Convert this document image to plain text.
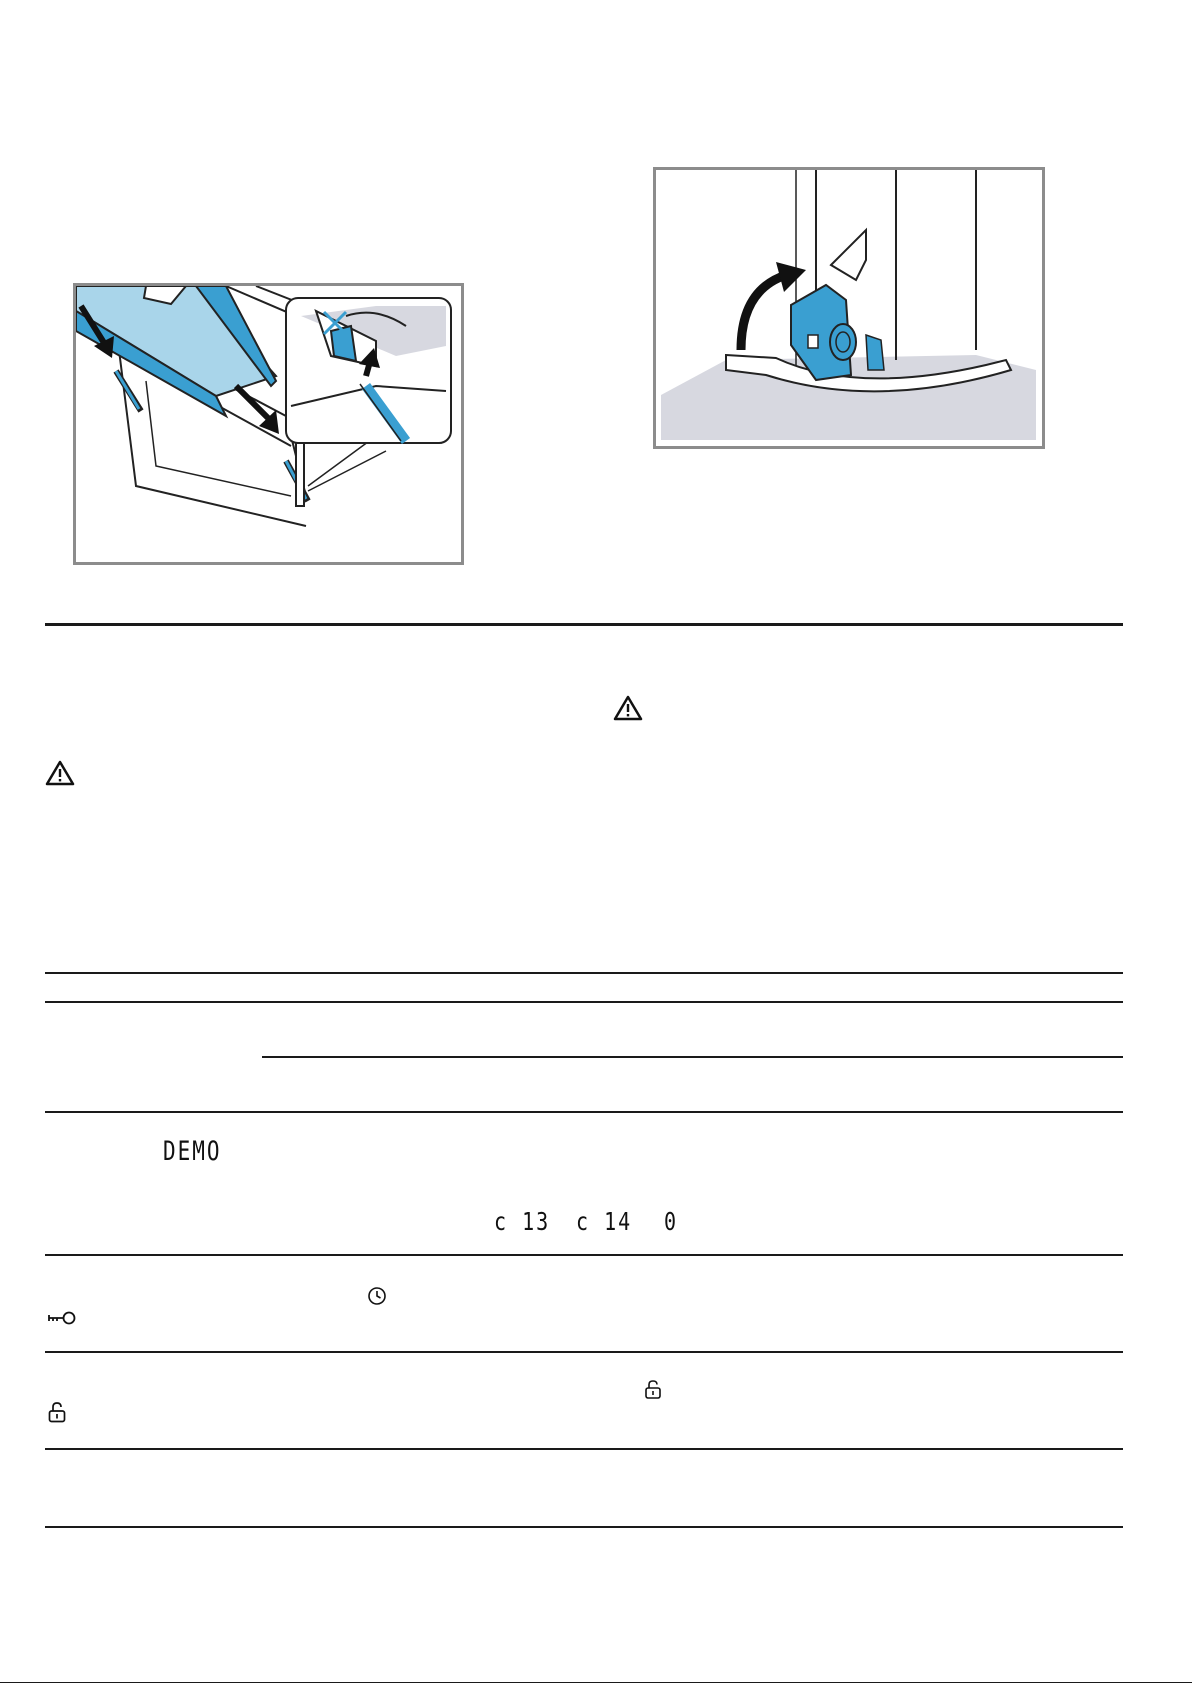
DEMO
c 13 c 14 0
